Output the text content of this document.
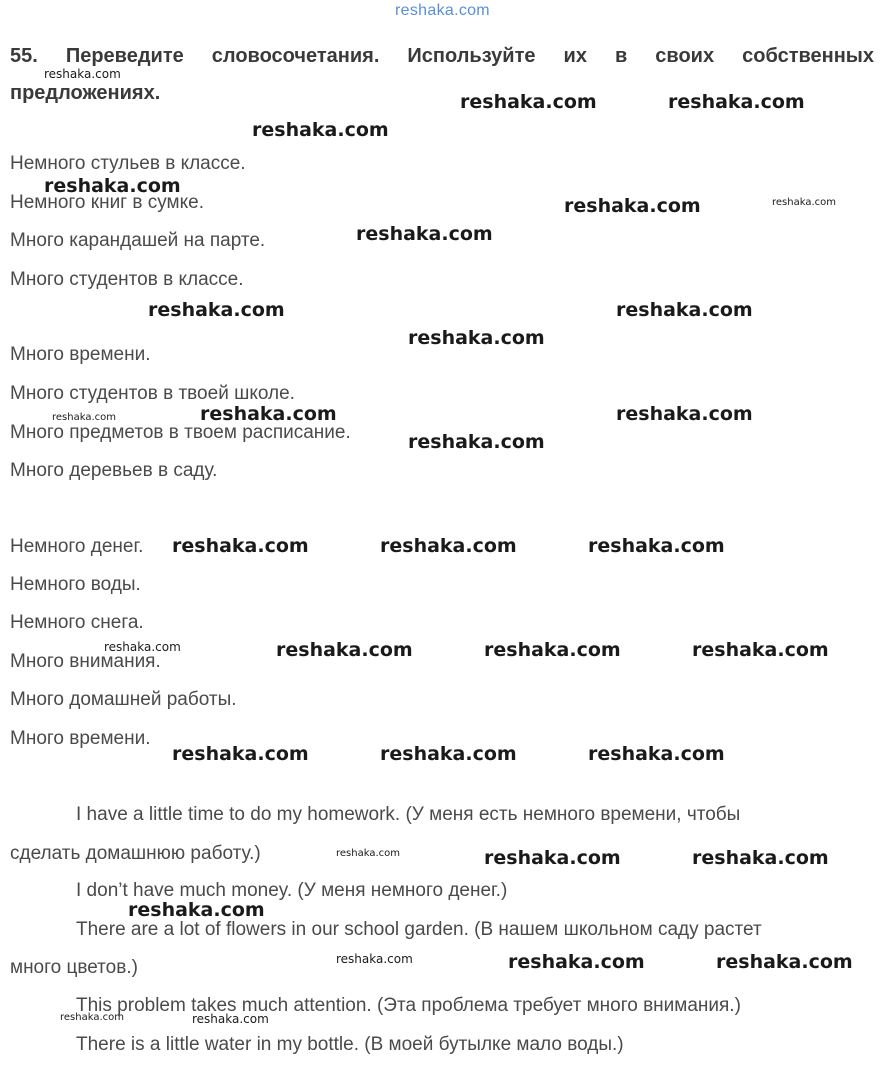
reshaka.com
55. Переведите словосочетания. Используйте их в своих собственных предложениях.
Немного стульев в классе.
Немного книг в сумке.
Много карандашей на парте.
Много студентов в классе.
Много времени.
Много студентов в твоей школе.
Много предметов в твоем расписание.
Много деревьев в саду.
Немного денег.
Немного воды.
Немного снега.
Много внимания.
Много домашней работы.
Много времени.
I have a little time to do my homework. (У меня есть немного времени, чтобы
сделать домашнюю работу.)
I don’t have much money. (У меня немного денег.)
There are a lot of flowers in our school garden. (В нашем школьном саду растет
много цветов.)
This problem takes much attention. (Эта проблема требует много внимания.)
There is a little water in my bottle. (В моей бутылке мало воды.)
reshaka.com
reshaka.com	reshaka.com
reshaka.com
reshaka.com
reshaka.com	reshaka.com
reshaka.com
reshaka.com	reshaka.com
reshaka.com
reshaka.com	reshaka.com
reshaka.com
reshaka.com
reshaka.com	reshaka.com	reshaka.com
reshaka.com	reshaka.com	reshaka.com	reshaka.com
reshaka.com	reshaka.com	reshaka.com
reshaka.com	reshaka.com	reshaka.com
reshaka.com
reshaka.com	reshaka.com	reshaka.com
reshaka.com	reshaka.com
